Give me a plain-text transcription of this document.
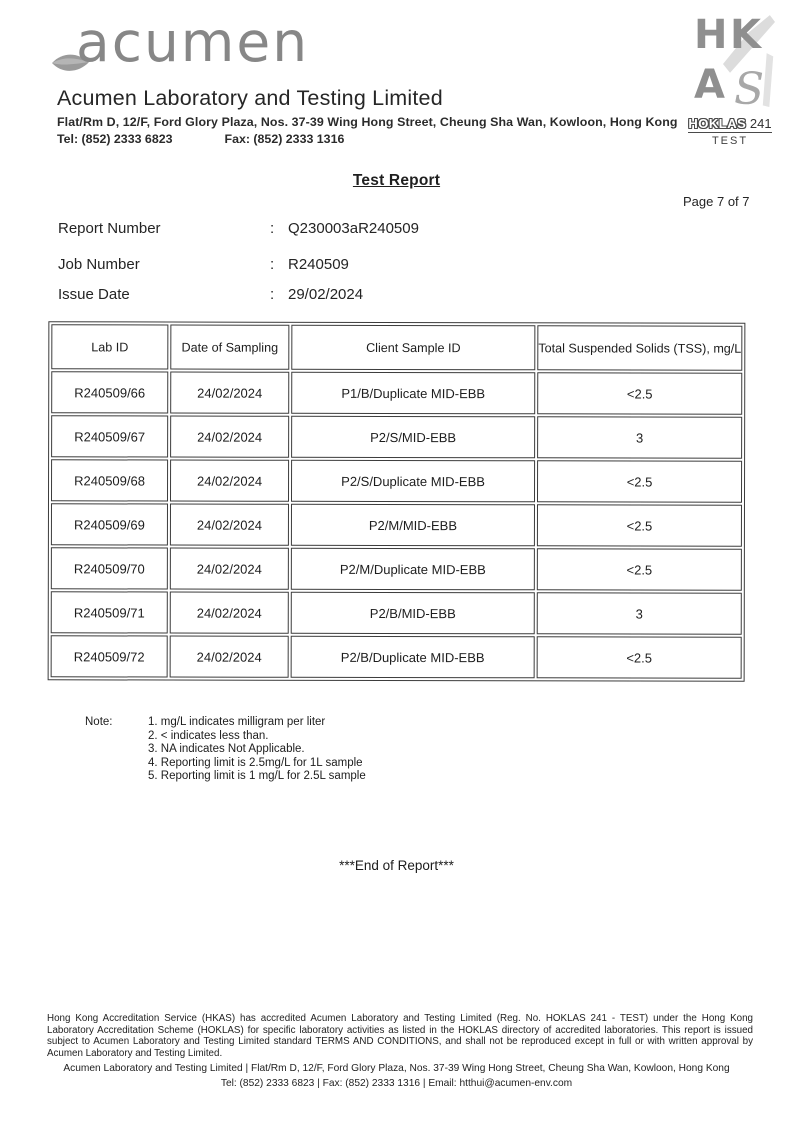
acumen	H K
A S
HOKLAS 241
TEST
Acumen Laboratory and Testing Limited
Flat/Rm D, 12/F, Ford Glory Plaza, Nos. 37-39 Wing Hong Street, Cheung Sha Wan, Kowloon, Hong Kong
Tel: (852) 2333 6823	Fax: (852) 2333 1316
Test Report
Page 7 of 7
Report Number	: Q230003aR240509
Job Number	: R240509
Issue Date	: 29/02/2024
Lab ID	Date of Sampling	Client Sample ID	Total Suspended Solids (TSS), mg/L
R240509/66	24/02/2024	P1/B/Duplicate MID-EBB	<2.5
R240509/67	24/02/2024	P2/S/MID-EBB	3
R240509/68	24/02/2024	P2/S/Duplicate MID-EBB	<2.5
R240509/69	24/02/2024	P2/M/MID-EBB	<2.5
R240509/70	24/02/2024	P2/M/Duplicate MID-EBB	<2.5
R240509/71	24/02/2024	P2/B/MID-EBB	3
R240509/72	24/02/2024	P2/B/Duplicate MID-EBB	<2.5
Note:	1. mg/L indicates milligram per liter
2. < indicates less than.
3. NA indicates Not Applicable.
4. Reporting limit is 2.5mg/L for 1L sample
5. Reporting limit is 1 mg/L for 2.5L sample
***End of Report***
Hong Kong Accreditation Service (HKAS) has accredited Acumen Laboratory and Testing Limited (Reg. No. HOKLAS 241 - TEST) under the Hong Kong Laboratory Accreditation Scheme (HOKLAS) for specific laboratory activities as listed in the HOKLAS directory of accredited laboratories. This report is issued subject to Acumen Laboratory and Testing Limited standard TERMS AND CONDITIONS, and shall not be reproduced except in full or with written approval by Acumen Laboratory and Testing Limited.
Acumen Laboratory and Testing Limited | Flat/Rm D, 12/F, Ford Glory Plaza, Nos. 37-39 Wing Hong Street, Cheung Sha Wan, Kowloon, Hong Kong
Tel: (852) 2333 6823 | Fax: (852) 2333 1316 | Email: htthui@acumen-env.com
